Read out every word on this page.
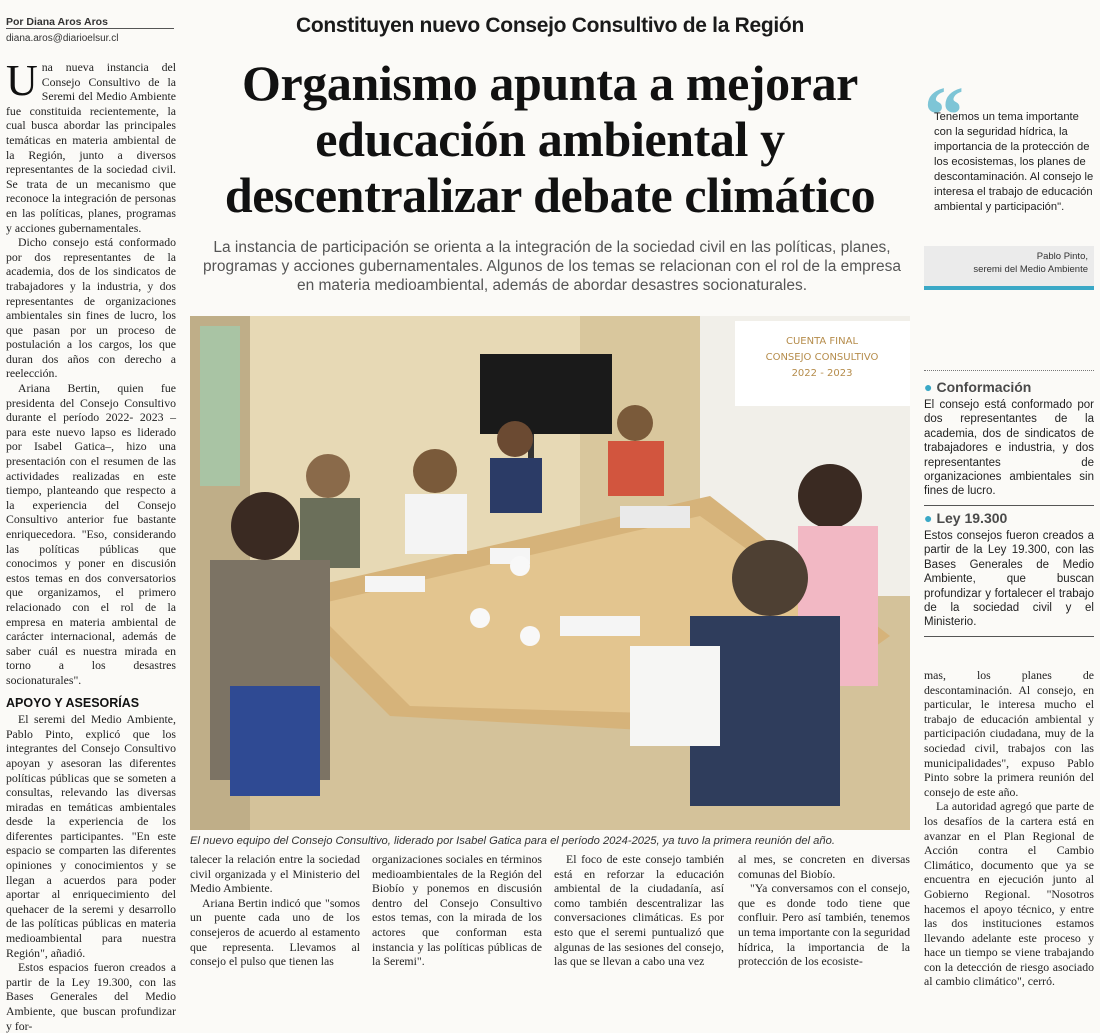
Por Diana Aros Aros
diana.aros@diarioelsur.cl
Constituyen nuevo Consejo Consultivo de la Región
Organismo apunta a mejorar educación ambiental y descentralizar debate climático
La instancia de participación se orienta a la integración de la sociedad civil en las políticas, planes, programas y acciones gubernamentales. Algunos de los temas se relacionan con el rol de la empresa en materia medioambiental, además de abordar desastres socionaturales.

Una nueva instancia del Consejo Consultivo de la Seremi del Medio Ambiente fue constituida recientemente, la cual busca abordar las principales temáticas en materia ambiental de la Región, junto a diversos representantes de la sociedad civil. Se trata de un mecanismo que reconoce la integración de personas en las políticas, planes, programas y acciones gubernamentales.

Dicho consejo está conformado por dos representantes de la academia, dos de los sindicatos de trabajadores y la industria, y dos representantes de organizaciones ambientales sin fines de lucro, los que pasan por un proceso de postulación a los cargos, los que duran dos años con derecho a reelección.

Ariana Bertin, quien fue presidenta del Consejo Consultivo durante el período 2022- 2023 –para este nuevo lapso es liderado por Isabel Gatica–, hizo una presentación con el resumen de las actividades realizadas en este tiempo, planteando que respecto a la experiencia del Consejo Consultivo anterior fue bastante enriquecedora. "Eso, considerando las políticas públicas que conocimos y poner en discusión estos temas en dos conversatorios que organizamos, el primero relacionado con el rol de la empresa en materia ambiental de carácter internacional, además de saber cuál es nuestra mirada en torno a los desastres socionaturales".

APOYO Y ASESORÍAS

El seremi del Medio Ambiente, Pablo Pinto, explicó que los integrantes del Consejo Consultivo apoyan y asesoran las diferentes políticas públicas que se someten a consultas, relevando las diversas miradas en temáticas ambientales desde la experiencia de los diferentes participantes. "En este espacio se comparten las diferentes opiniones y conocimientos y se llegan a acuerdos para poder aportar al enriquecimiento del quehacer de la seremi y desarrollo de las políticas públicas en materia medioambiental para nuestra Región", añadió.

Estos espacios fueron creados a partir de la Ley 19.300, con las Bases Generales del Medio Ambiente, que buscan profundizar y for-

CUENTA FINAL
CONSEJO CONSULTIVO
2022 - 2023
El nuevo equipo del Consejo Consultivo, liderado por Isabel Gatica para el período 2024-2025, ya tuvo la primera reunión del año.

talecer la relación entre la sociedad civil organizada y el Ministerio del Medio Ambiente.

Ariana Bertin indicó que "somos un puente cada uno de los consejeros de acuerdo al estamento que representa. Llevamos al consejo el pulso que tienen las

organizaciones sociales en términos medioambientales de la Región del Biobío y ponemos en discusión dentro del Consejo Consultivo estos temas, con la mirada de los actores que conforman esta instancia y las políticas públicas de la Seremi".

El foco de este consejo también está en reforzar la educación ambiental de la ciudadanía, así como también descentralizar las conversaciones climáticas. Es por esto que el seremi puntualizó que algunas de las sesiones del consejo, las que se llevan a cabo una vez

al mes, se concreten en diversas comunas del Biobío.

"Ya conversamos con el consejo, que es donde todo tiene que confluir. Pero así también, tenemos un tema importante con la seguridad hídrica, la importancia de la protección de los ecosiste-

“
Tenemos un tema importante con la seguridad hídrica, la importancia de la protección de los ecosistemas, los planes de descontaminación. Al consejo le interesa el trabajo de educación ambiental y participación".
Pablo Pinto,
seremi del Medio Ambiente
● Conformación
El consejo está conformado por dos representantes de la academia, dos de sindicatos de trabajadores e industria, y dos representantes de organizaciones ambientales sin fines de lucro.
● Ley 19.300
Estos consejos fueron creados a partir de la Ley 19.300, con las Bases Generales de Medio Ambiente, que buscan profundizar y fortalecer el trabajo de la sociedad civil y el Ministerio.

mas, los planes de descontaminación. Al consejo, en particular, le interesa mucho el trabajo de educación ambiental y participación ciudadana, muy de la sociedad civil, trabajos con las municipalidades", expuso Pablo Pinto sobre la primera reunión del consejo de este año.

La autoridad agregó que parte de los desafíos de la cartera está en avanzar en el Plan Regional de Acción contra el Cambio Climático, documento que ya se encuentra en ejecución junto al Gobierno Regional. "Nosotros hacemos el apoyo técnico, y entre las dos instituciones estamos llevando adelante este proceso y hace un tiempo se viene trabajando con la detección de riesgo asociado al cambio climático", cerró.
